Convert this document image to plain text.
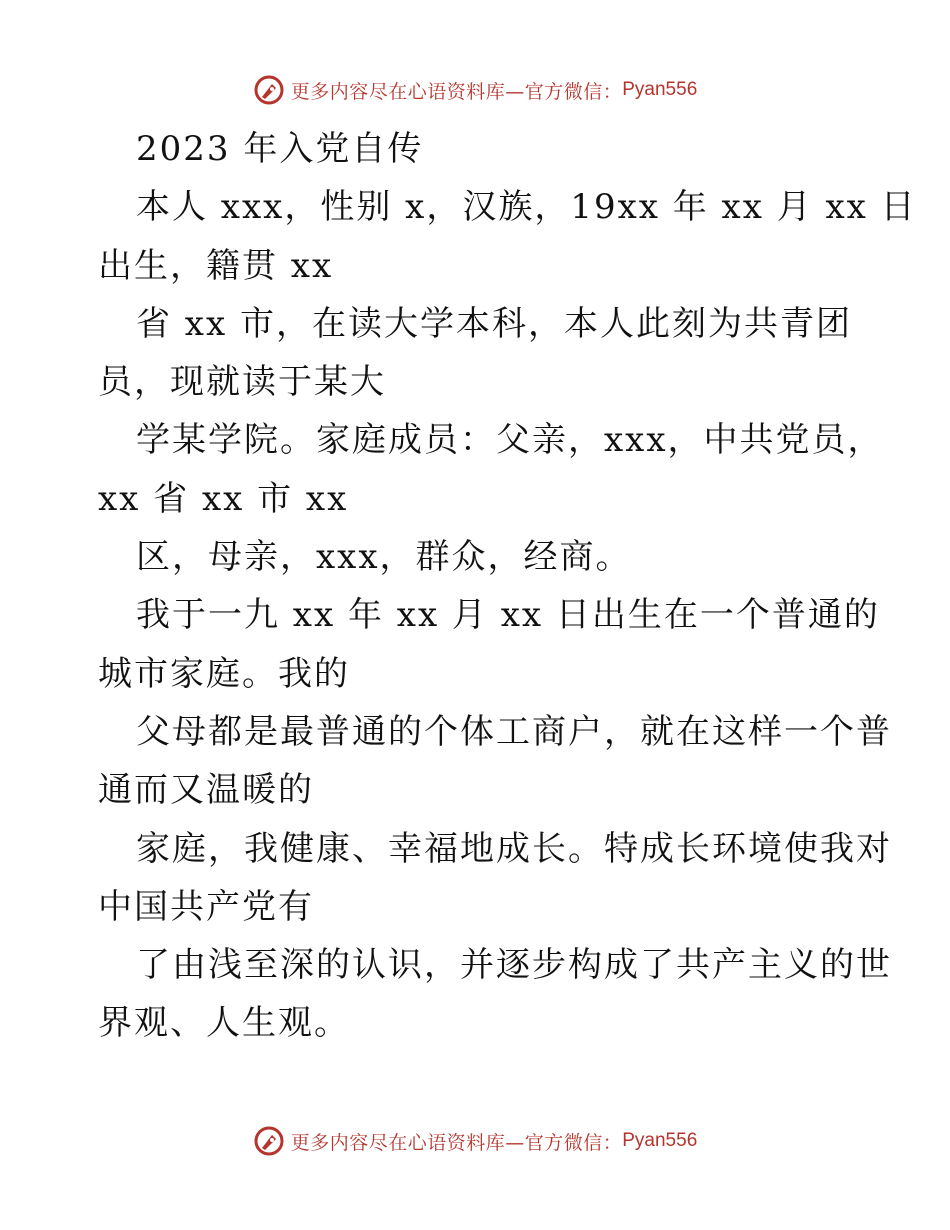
更多内容尽在心语资料库—官方微信： Pyan556
2023 年入党自传
本人 xxx，性别 x，汉族，19xx 年 xx 月 xx 日
出生，籍贯 xx
省 xx 市，在读大学本科，本人此刻为共青团
员，现就读于某大
学某学院。家庭成员：父亲，xxx，中共党员，
xx 省 xx 市 xx
区，母亲，xxx，群众，经商。
我于一九 xx 年 xx 月 xx 日出生在一个普通的
城市家庭。我的
父母都是最普通的个体工商户，就在这样一个普
通而又温暖的
家庭，我健康、幸福地成长。特成长环境使我对
中国共产党有
了由浅至深的认识，并逐步构成了共产主义的世
界观、人生观。
更多内容尽在心语资料库—官方微信： Pyan556
